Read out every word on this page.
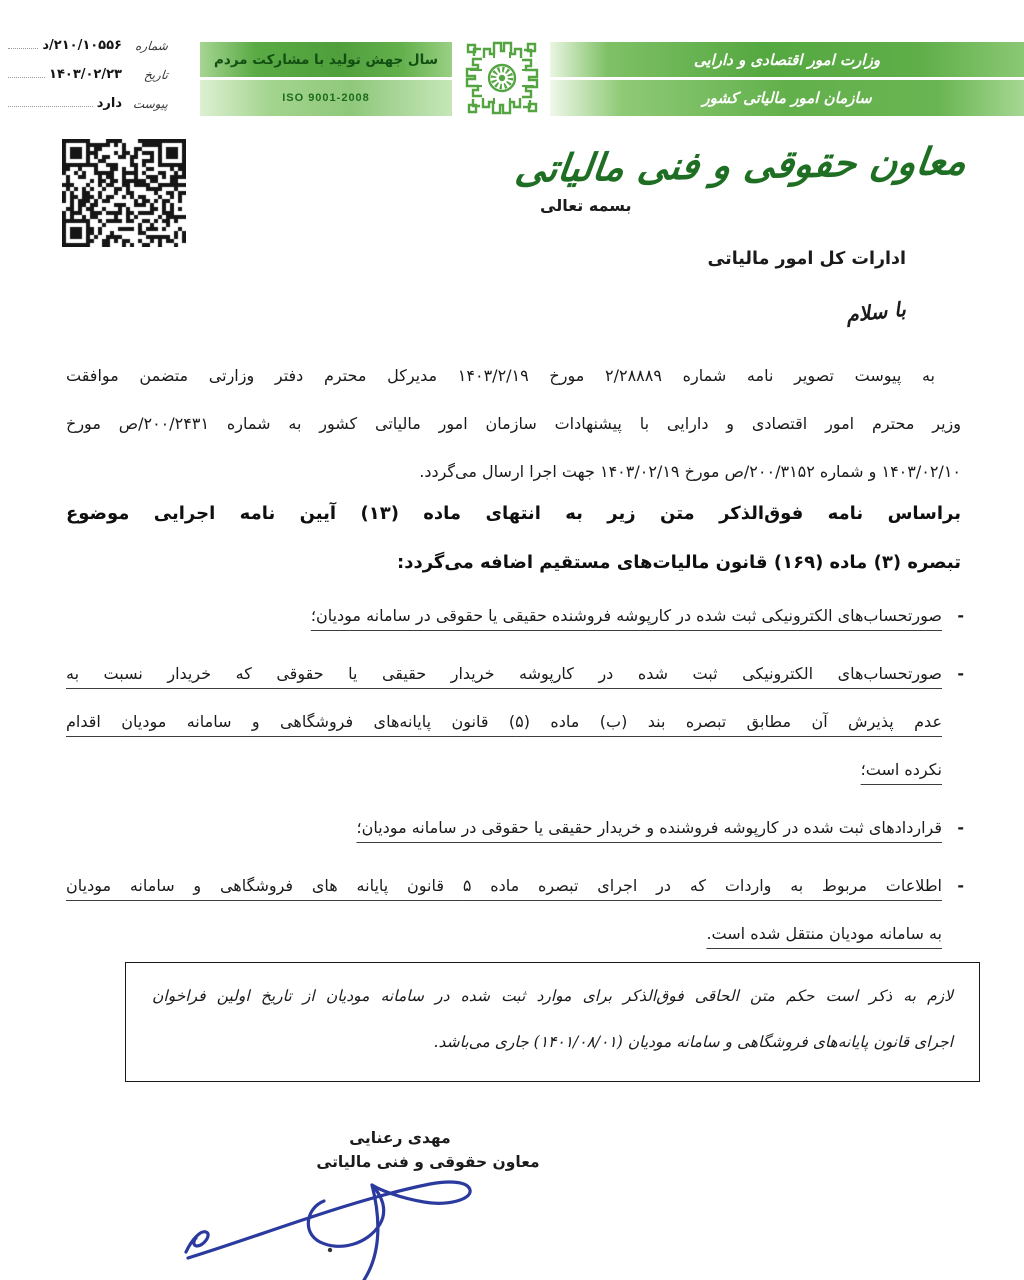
شماره
۲۱۰/۱۰۵۵۶/د
تاریخ
۱۴۰۳/۰۲/۲۳
پیوست
دارد
سال جهش تولید با مشارکت مردم
ISO 9001-2008
وزارت امور اقتصادی و دارایی
سازمان امور مالیاتی کشور
معاون حقوقی و فنی مالیاتی
بسمه تعالی
ادارات کل امور مالیاتی
با سلام
به پیوست تصویر نامه شماره ۲/۲۸۸۸۹ مورخ ۱۴۰۳/۲/۱۹ مدیرکل محترم دفتر وزارتی متضمن موافقت
وزیر محترم امور اقتصادی و دارایی با پیشنهادات سازمان امور مالیاتی کشور به شماره ۲۰۰/۲۴۳۱/ص مورخ
۱۴۰۳/۰۲/۱۰ و شماره ۲۰۰/۳۱۵۲/ص مورخ ۱۴۰۳/۰۲/۱۹ جهت اجرا ارسال می‌گردد.
براساس نامه فوق‌الذکر متن زیر به انتهای ماده (۱۳) آیین نامه اجرایی موضوع
تبصره (۳) ماده (۱۶۹) قانون مالیات‌های مستقیم اضافه می‌گردد:
-
صورتحساب‌های الکترونیکی ثبت شده در کارپوشه فروشنده حقیقی یا حقوقی در سامانه مودیان؛
-
صورتحساب‌های الکترونیکی ثبت شده در کارپوشه خریدار حقیقی یا حقوقی که خریدار نسبت به
عدم پذیرش آن مطابق تبصره بند (ب) ماده (۵) قانون پایانه‌های فروشگاهی و سامانه مودیان اقدام
نکرده است؛
-
قراردادهای ثبت شده در کارپوشه فروشنده و خریدار حقیقی یا حقوقی در سامانه مودیان؛
-
اطلاعات مربوط به واردات که در اجرای تبصره ماده ۵ قانون پایانه های فروشگاهی و سامانه مودیان
به سامانه مودیان منتقل شده است.
لازم به ذکر است حکم متن الحاقی فوق‌الذکر برای موارد ثبت شده در سامانه مودیان از تاریخ اولین فراخوان
اجرای قانون پایانه‌های فروشگاهی و سامانه مودیان (۱۴۰۱/۰۸/۰۱) جاری می‌باشد.
مهدی رعنایی
معاون حقوقی و فنی مالیاتی
